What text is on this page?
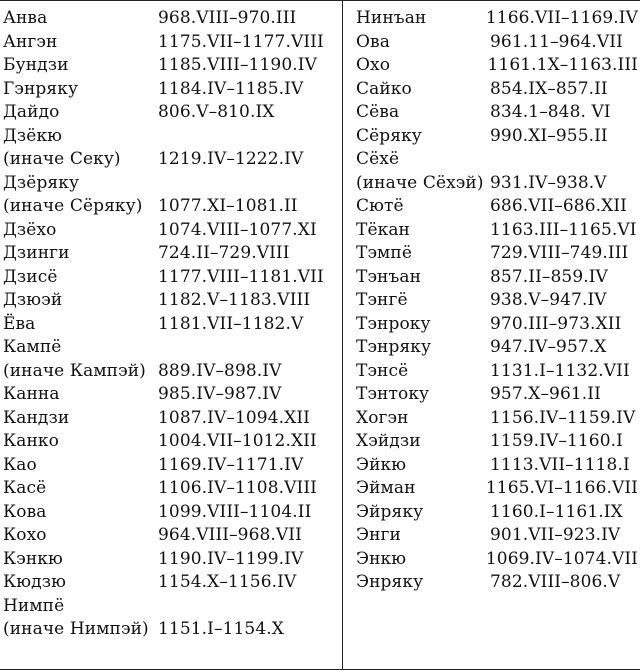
Анва	968.VIII–970.III
Ангэн	1175.VII–1177.VIII
Бундзи	1185.VIII–1190.IV
Гэнряку	1184.IV–1185.IV
Дайдо	806.V–810.IX
Дзёкю
(иначе Секу)	1219.IV–1222.IV
Дзёряку
(иначе Сёряку) 1077.XI–1081.II
Дзёхо	1074.VIII–1077.XI
Дзинги	724.II–729.VIII
Дзисё	1177.VIII–1181.VII
Дзюэй	1182.V–1183.VIII
Ёва	1181.VII–1182.V
Кампё
(иначе Кампэй) 889.IV–898.IV
Канна	985.IV–987.IV
Кандзи	1087.IV–1094.XII
Канко	1004.VII–1012.XII
Као	1169.IV–1171.IV
Касё	1106.IV–1108.VIII
Кова	1099.VIII–1104.II
Кохо	964.VIII–968.VII
Кэнкю	1190.IV–1199.IV
Кюдзю	1154.X–1156.IV
Нимпё
(иначе Нимпэй) 1151.I–1154.X
Нинъан	1166.VII–1169.IV
Ова	961.11–964.VII
Охо	1161.1X–1163.III
Сайко	854.IX–857.II
Сёва	834.1–848. VI
Сёряку	990.XI–955.II
Сёхё
(иначе Сёхэй) 931.IV–938.V
Сютё	686.VII–686.XII
Тёкан	1163.III–1165.VI
Тэмпё	729.VIII–749.III
Тэнъан	857.II–859.IV
Тэнгё	938.V–947.IV
Тэнроку	970.III–973.XII
Тэнряку	947.IV–957.X
Тэнсё	1131.I–1132.VII
Тэнтоку	957.X–961.II
Хогэн	1156.IV–1159.IV
Хэйдзи	1159.IV–1160.I
Эйкю	1113.VII–1118.I
Эйман	1165.VI–1166.VII
Эйряку	1160.I–1161.IX
Энги	901.VII–923.IV
Энкю	1069.IV–1074.VII
Энряку	782.VIII–806.V
